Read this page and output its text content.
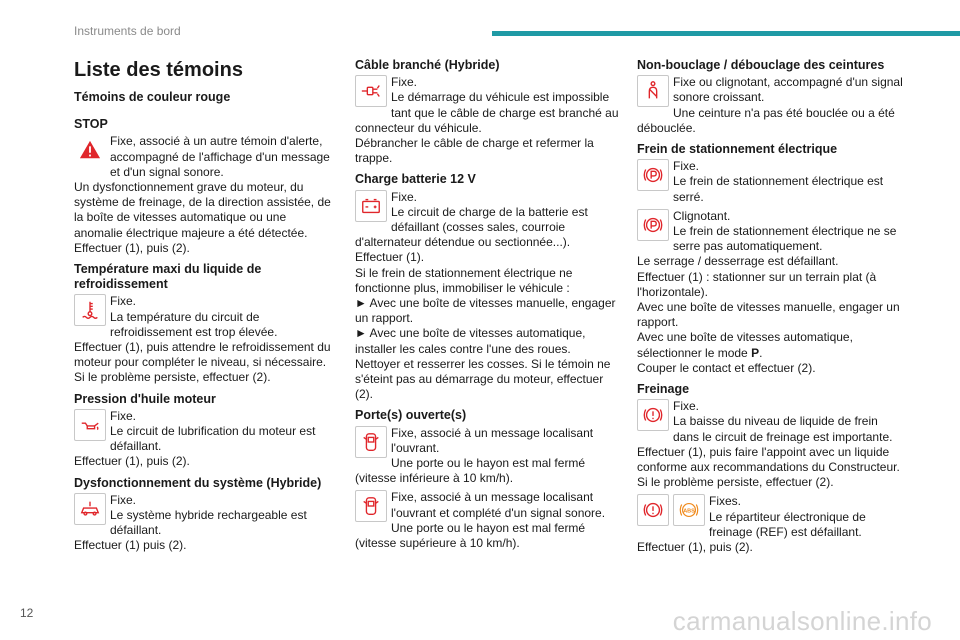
Instruments de bord
Liste des témoins
Témoins de couleur rouge
STOP

Fixe, associé à un autre témoin d'alerte, accompagné de l'affichage d'un message et d'un signal sonore.

Un dysfonctionnement grave du moteur, du système de freinage, de la direction assistée, de la boîte de vitesses automatique ou une anomalie électrique majeure a été détectée.

Effectuer (1), puis (2).

Température maxi du liquide de refroidissement

Fixe.

La température du circuit de refroidissement est trop élevée.

Effectuer (1), puis attendre le refroidissement du moteur pour compléter le niveau, si nécessaire.

Si le problème persiste, effectuer (2).

Pression d'huile moteur

Fixe.

Le circuit de lubrification du moteur est défaillant.

Effectuer (1), puis (2).

Dysfonctionnement du système (Hybride)

Fixe.

Le système hybride rechargeable est défaillant.

Effectuer (1) puis (2).

Câble branché (Hybride)

Fixe.

Le démarrage du véhicule est impossible tant que le câble de charge est branché au connecteur du véhicule.

Débrancher le câble de charge et refermer la trappe.

Charge batterie 12 V

Fixe.

Le circuit de charge de la batterie est défaillant (cosses sales, courroie d'alternateur détendue ou sectionnée...).

Effectuer (1).

Si le frein de stationnement électrique ne fonctionne plus, immobiliser le véhicule :

► Avec une boîte de vitesses manuelle, engager un rapport.

► Avec une boîte de vitesses automatique, installer les cales contre l'une des roues.

Nettoyer et resserrer les cosses. Si le témoin ne s'éteint pas au démarrage du moteur, effectuer (2).

Porte(s) ouverte(s)

Fixe, associé à un message localisant l'ouvrant.

Une porte ou le hayon est mal fermé (vitesse inférieure à 10 km/h).

Fixe, associé à un message localisant l'ouvrant et complété d'un signal sonore.

Une porte ou le hayon est mal fermé (vitesse supérieure à 10 km/h).

Non-bouclage / débouclage des ceintures

Fixe ou clignotant, accompagné d'un signal sonore croissant.

Une ceinture n'a pas été bouclée ou a été débouclée.

Frein de stationnement électrique

Fixe.

Le frein de stationnement électrique est serré.

Clignotant.

Le frein de stationnement électrique ne se serre pas automatiquement.

Le serrage / desserrage est défaillant.

Effectuer (1) : stationner sur un terrain plat (à l'horizontale).

Avec une boîte de vitesses manuelle, engager un rapport.

Avec une boîte de vitesses automatique, sélectionner le mode P.

Couper le contact et effectuer (2).

Freinage

Fixe.

La baisse du niveau de liquide de frein dans le circuit de freinage est importante.

Effectuer (1), puis faire l'appoint avec un liquide conforme aux recommandations du Constructeur. Si le problème persiste, effectuer (2).

ABS

Fixes.

Le répartiteur électronique de freinage (REF) est défaillant.

Effectuer (1), puis (2).

12	carmanualsonline.info
